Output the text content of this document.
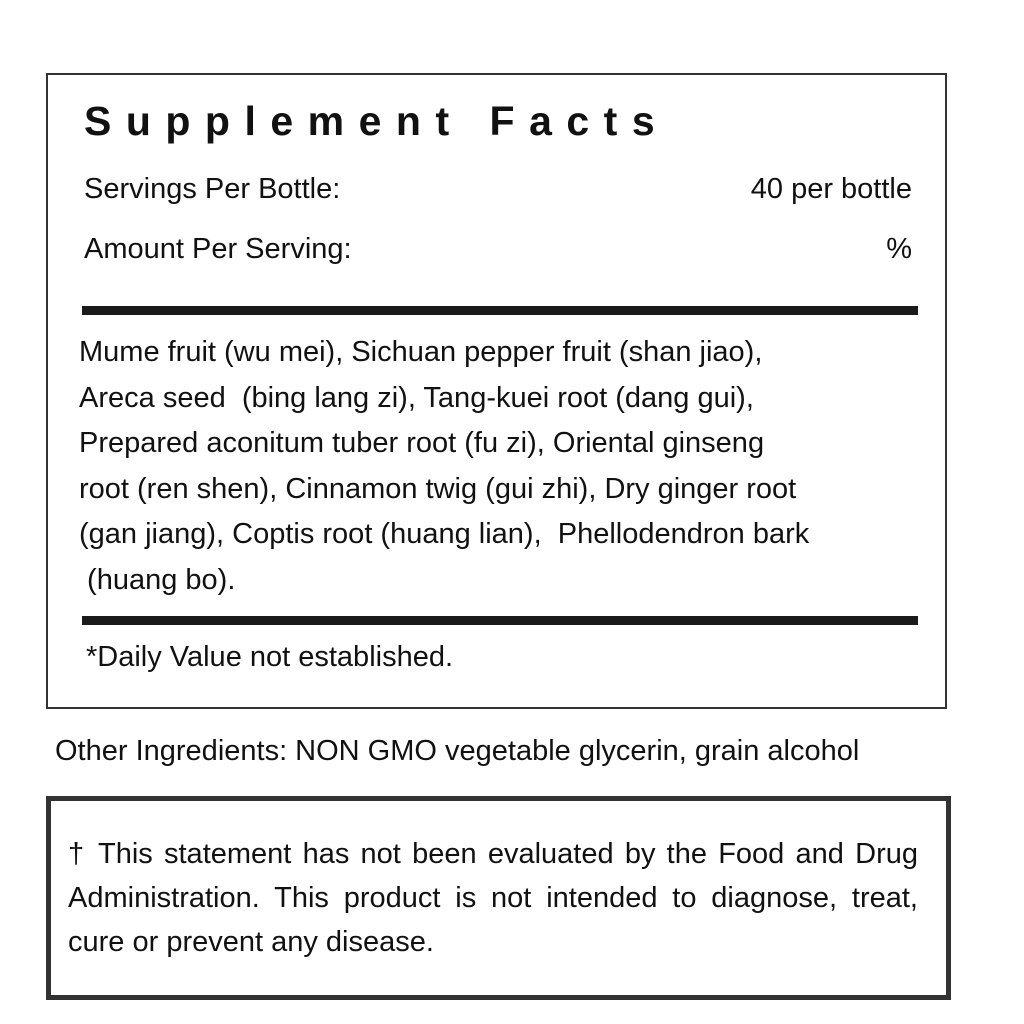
Supplement Facts
Servings Per Bottle:	40 per bottle
Amount Per Serving:	%
Mume fruit (wu mei), Sichuan pepper fruit (shan jiao),
Areca seed  (bing lang zi), Tang-kuei root (dang gui),
Prepared aconitum tuber root (fu zi), Oriental ginseng
root (ren shen), Cinnamon twig (gui zhi), Dry ginger root
(gan jiang), Coptis root (huang lian),  Phellodendron bark
(huang bo).
*Daily Value not established.
Other Ingredients: NON GMO vegetable glycerin, grain alcohol

† This statement has not been evaluated by the Food and Drug Administration. This product is not intended to diagnose, treat, cure or prevent any disease.
